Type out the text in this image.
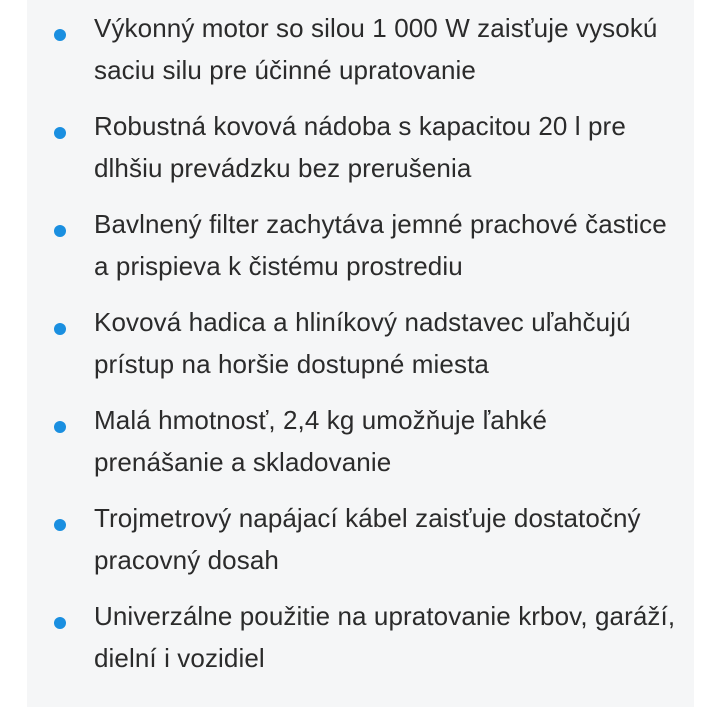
Výkonný motor so silou 1 000 W zaisťuje vysokú saciu silu pre účinné upratovanie
Robustná kovová nádoba s kapacitou 20 l pre dlhšiu prevádzku bez prerušenia
Bavlnený filter zachytáva jemné prachové častice a prispieva k čistému prostrediu
Kovová hadica a hliníkový nadstavec uľahčujú prístup na horšie dostupné miesta
Malá hmotnosť, 2,4 kg umožňuje ľahké prenášanie a skladovanie
Trojmetrový napájací kábel zaisťuje dostatočný pracovný dosah
Univerzálne použitie na upratovanie krbov, garáží, dielní i vozidiel
